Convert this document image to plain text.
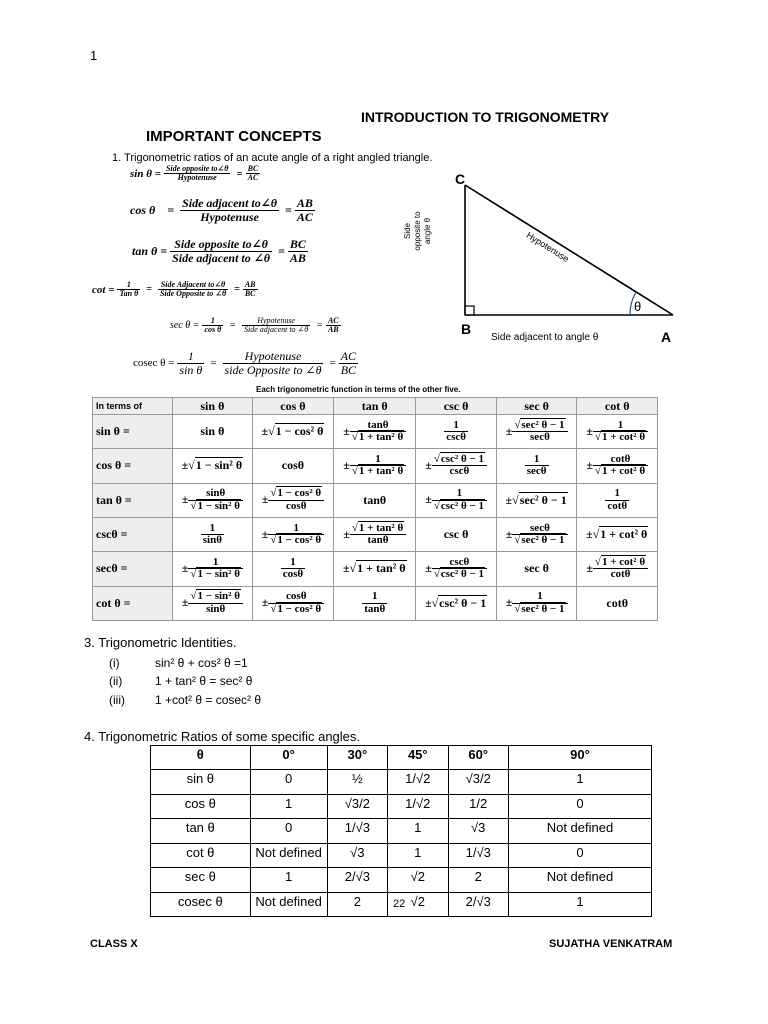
1
INTRODUCTION TO TRIGONOMETRY
IMPORTANT CONCEPTS
1. Trigonometric ratios of an acute angle of a right angled triangle.
$\sin \theta = \frac{\text{Side opposite to∠θ}}{\text{Hypotenuse}} = \frac{BC}{AC}$
$\cos \theta = \frac{\text{Side adjacent to∠θ}}{\text{Hypotenuse}} = \frac{AB}{AC}$
$\tan \theta = \frac{\text{Side opposite to∠θ}}{\text{Side adjacent to ∠θ}} = \frac{BC}{AB}$
$\cot = \frac{1}{\text{Tan θ}} = \frac{\text{Side Adjacent to∠θ}}{\text{Side Opposite to ∠θ}} = \frac{AB}{BC}$
$\sec \theta = \frac{1}{\text{cos θ}} = \frac{\text{Hypotenuse}}{\text{Side adjacent to ∠θ}} = \frac{AC}{AB}$
cosec $\theta = \frac{1}{\text{sin θ}} = \frac{\text{Hypotenuse}}{\text{side Opposite to ∠θ}} = \frac{AC}{BC}$
C
B	A
θ
Hypotenuse
Side opposite to angle θ
Side adjacent to angle θ
Each trigonometric function in terms of the other five.
In terms of	sin θ	cos θ	tan θ	csc θ	sec θ	cot θ
sin θ =	sin θ	±√1 − cos² θ	± $\frac{\tan\theta}{\text{√1 + tan² θ}}$	$\frac{1}{\csc\theta}$	± $\frac{\text{√sec² θ − 1}}{\sec\theta}$	± $\frac{1}{\text{√1 + cot² θ}}$

cos θ =	±√1 − sin² θ	cosθ	± $\frac{1}{\text{√1 + tan² θ}}$	± $\frac{\text{√csc² θ − 1}}{\csc\theta}$	$\frac{1}{\sec\theta}$	± $\frac{\cot\theta}{\text{√1 + cot² θ}}$

tan θ =	± $\frac{\sin\theta}{\text{√1 − sin² θ}}$	± $\frac{\text{√1 − cos² θ}}{\cos\theta}$	tanθ	± $\frac{1}{\text{√csc² θ − 1}}$	±√sec² θ − 1	$\frac{1}{\cot\theta}$

cscθ =	$\frac{1}{\sin\theta}$	± $\frac{1}{\text{√1 − cos² θ}}$	± $\frac{\text{√1 + tan² θ}}{\tan\theta}$	csc θ	± $\frac{\sec\theta}{\text{√sec² θ − 1}}$	±√1 + cot² θ
secθ =	± $\frac{1}{\text{√1 − sin² θ}}$	$\frac{1}{\cos\theta}$	±√1 + tan² θ	± $\frac{\csc\theta}{\text{√csc² θ − 1}}$	sec θ	± $\frac{\text{√1 + cot² θ}}{\cot\theta}$

cot θ =	± $\frac{\text{√1 − sin² θ}}{\sin\theta}$	± $\frac{\cos\theta}{\text{√1 − cos² θ}}$	$\frac{1}{\tan\theta}$	±√csc² θ − 1	± $\frac{1}{\text{√sec² θ − 1}}$	cotθ
3. Trigonometric Identities.
(i)	sin² θ + cos² θ =1
(ii)	1 + tan² θ = sec² θ
(iii)	1 +cot² θ = cosec² θ
4. Trigonometric Ratios of some specific angles.
θ	0°	30°	45°	60°	90°
sin θ	0	½	1/√2	√3/2	1
cos θ	1	√3/2	1/√2	1/2	0
tan θ	0	1/√3	1	√3	Not defined
cot θ	Not defined	√3	1	1/√3	0
sec θ	1	2/√3	√2	2	Not defined
cosec θ	Not defined	2	√2	2/√3	1
22
CLASS X	SUJATHA VENKATRAM
